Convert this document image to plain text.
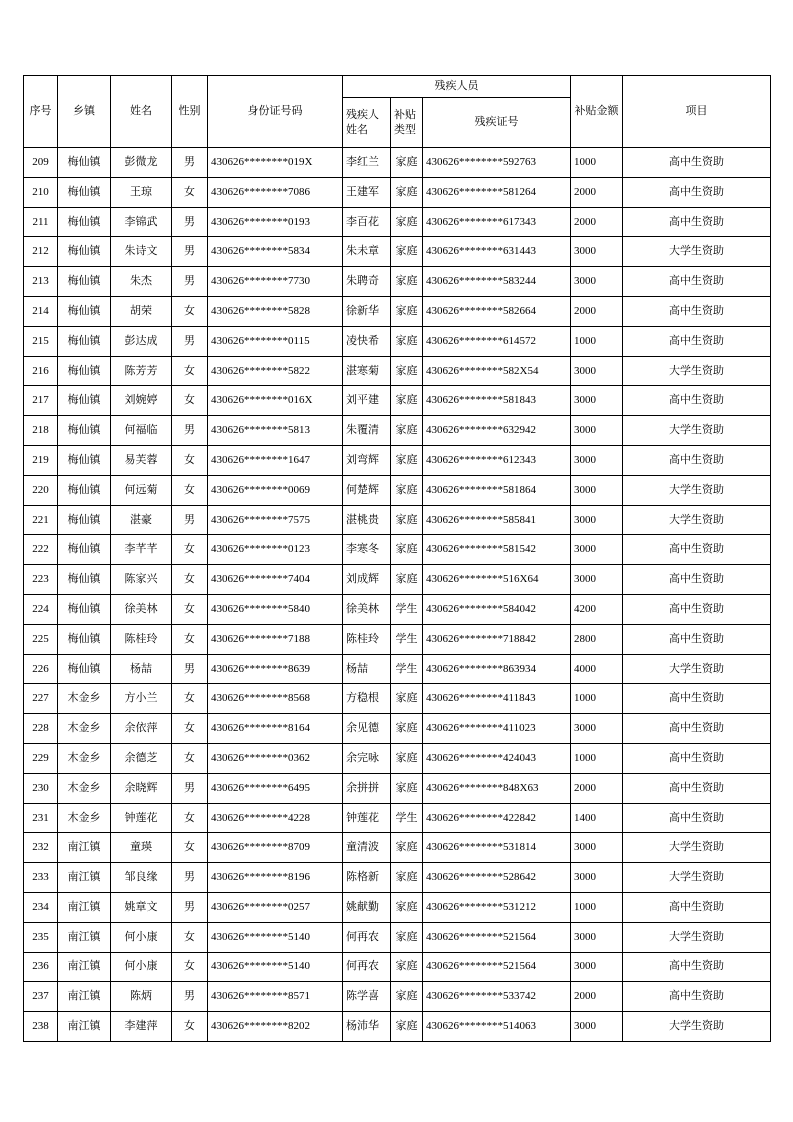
序号	乡镇	姓名	性别	身份证号码	残疾人员			补贴金额	项目
					残疾人姓名	补贴类型	残疾证号		
209	梅仙镇	彭微龙	男	430626********019X	李红兰	家庭	430626********592763	1000	高中生资助
210	梅仙镇	王琼	女	430626********7086	王建军	家庭	430626********581264	2000	高中生资助
211	梅仙镇	李锦武	男	430626********0193	李百花	家庭	430626********617343	2000	高中生资助
212	梅仙镇	朱诗文	男	430626********5834	朱未章	家庭	430626********631443	3000	大学生资助
213	梅仙镇	朱杰	男	430626********7730	朱聘奇	家庭	430626********583244	3000	高中生资助
214	梅仙镇	胡荣	女	430626********5828	徐新华	家庭	430626********582664	2000	高中生资助
215	梅仙镇	彭达成	男	430626********0115	凌快希	家庭	430626********614572	1000	高中生资助
216	梅仙镇	陈芳芳	女	430626********5822	湛寒菊	家庭	430626********582X54	3000	大学生资助
217	梅仙镇	刘婉婷	女	430626********016X	刘平建	家庭	430626********581843	3000	高中生资助
218	梅仙镇	何福临	男	430626********5813	朱覆清	家庭	430626********632942	3000	大学生资助
219	梅仙镇	易芙蓉	女	430626********1647	刘弯辉	家庭	430626********612343	3000	高中生资助
220	梅仙镇	何远菊	女	430626********0069	何楚辉	家庭	430626********581864	3000	大学生资助
221	梅仙镇	湛豪	男	430626********7575	湛桃贵	家庭	430626********585841	3000	大学生资助
222	梅仙镇	李芊芊	女	430626********0123	李寒冬	家庭	430626********581542	3000	高中生资助
223	梅仙镇	陈家兴	女	430626********7404	刘成辉	家庭	430626********516X64	3000	高中生资助
224	梅仙镇	徐美林	女	430626********5840	徐美林	学生	430626********584042	4200	高中生资助
225	梅仙镇	陈桂玲	女	430626********7188	陈桂玲	学生	430626********718842	2800	高中生资助
226	梅仙镇	杨喆	男	430626********8639	杨喆	学生	430626********863934	4000	大学生资助
227	木金乡	方小兰	女	430626********8568	方稳根	家庭	430626********411843	1000	高中生资助
228	木金乡	余依萍	女	430626********8164	余见德	家庭	430626********411023	3000	高中生资助
229	木金乡	余德芝	女	430626********0362	余完咏	家庭	430626********424043	1000	高中生资助
230	木金乡	余晓辉	男	430626********6495	余拼拼	家庭	430626********848X63	2000	高中生资助
231	木金乡	钟莲花	女	430626********4228	钟莲花	学生	430626********422842	1400	高中生资助
232	南江镇	童瑛	女	430626********8709	童清波	家庭	430626********531814	3000	大学生资助
233	南江镇	邹良缘	男	430626********8196	陈格新	家庭	430626********528642	3000	大学生资助
234	南江镇	姚章文	男	430626********0257	姚献勤	家庭	430626********531212	1000	高中生资助
235	南江镇	何小康	女	430626********5140	何再农	家庭	430626********521564	3000	大学生资助
236	南江镇	何小康	女	430626********5140	何再农	家庭	430626********521564	3000	高中生资助
237	南江镇	陈炳	男	430626********8571	陈学喜	家庭	430626********533742	2000	高中生资助
238	南江镇	李建萍	女	430626********8202	杨沛华	家庭	430626********514063	3000	大学生资助
